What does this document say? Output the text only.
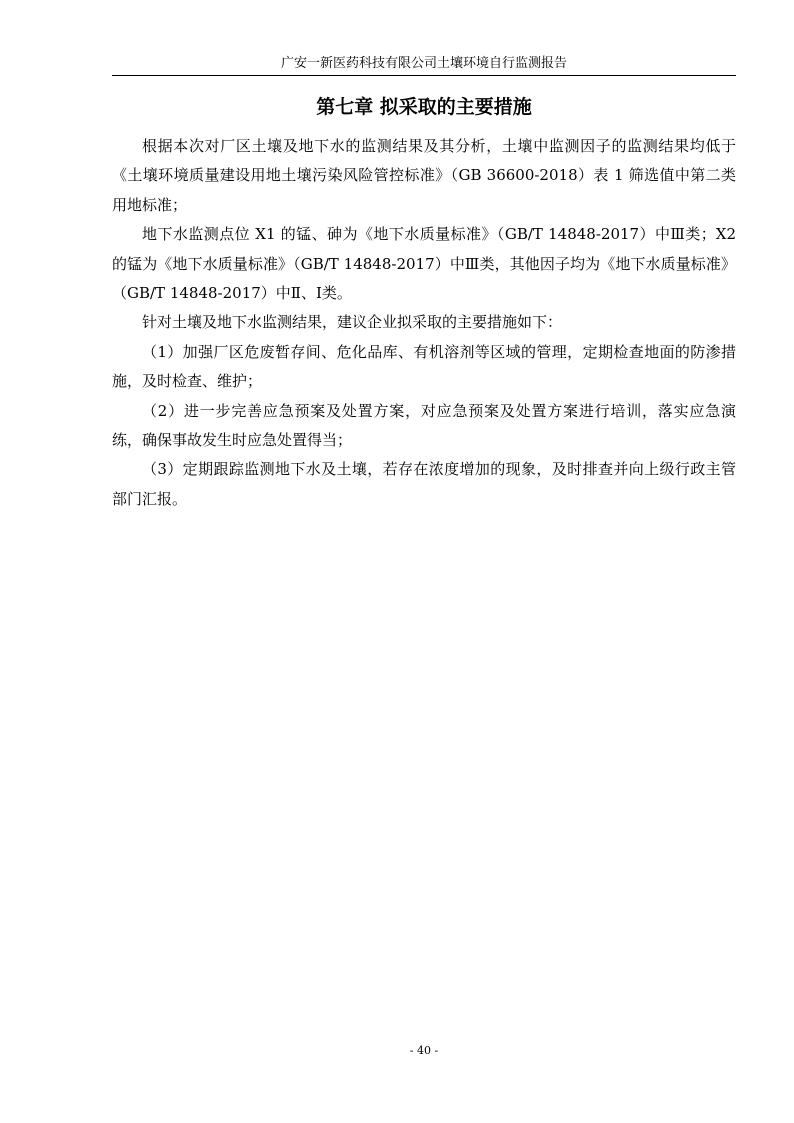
广安一新医药科技有限公司土壤环境自行监测报告
第七章 拟采取的主要措施

根据本次对厂区土壤及地下水的监测结果及其分析，土壤中监测因子的监测结果均低于《土壤环境质量建设用地土壤污染风险管控标准》（GB 36600-2018）表 1 筛选值中第二类用地标准；

地下水监测点位 X1 的锰、砷为《地下水质量标准》（GB/T 14848-2017）中Ⅲ类；X2 的锰为《地下水质量标准》（GB/T 14848-2017）中Ⅲ类，其他因子均为《地下水质量标准》（GB/T 14848-2017）中Ⅱ、Ⅰ类。

针对土壤及地下水监测结果，建议企业拟采取的主要措施如下：

（1）加强厂区危废暂存间、危化品库、有机溶剂等区域的管理，定期检查地面的防渗措施，及时检查、维护；

（2）进一步完善应急预案及处置方案，对应急预案及处置方案进行培训，落实应急演练，确保事故发生时应急处置得当；

（3）定期跟踪监测地下水及土壤，若存在浓度增加的现象，及时排查并向上级行政主管部门汇报。

- 40 -
